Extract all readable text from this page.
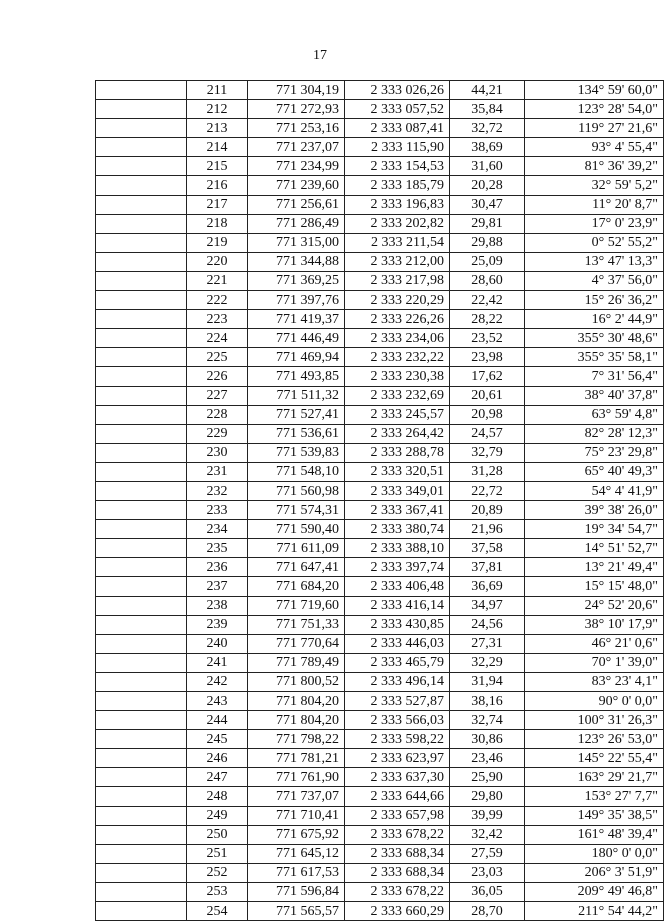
17
	211	771 304,19	2 333 026,26	44,21	134° 59' 60,0"
	212	771 272,93	2 333 057,52	35,84	123° 28' 54,0"
	213	771 253,16	2 333 087,41	32,72	119° 27' 21,6"
	214	771 237,07	2 333 115,90	38,69	93° 4' 55,4"
	215	771 234,99	2 333 154,53	31,60	81° 36' 39,2"
	216	771 239,60	2 333 185,79	20,28	32° 59' 5,2"
	217	771 256,61	2 333 196,83	30,47	11° 20' 8,7"
	218	771 286,49	2 333 202,82	29,81	17° 0' 23,9"
	219	771 315,00	2 333 211,54	29,88	0° 52' 55,2"
	220	771 344,88	2 333 212,00	25,09	13° 47' 13,3"
	221	771 369,25	2 333 217,98	28,60	4° 37' 56,0"
	222	771 397,76	2 333 220,29	22,42	15° 26' 36,2"
	223	771 419,37	2 333 226,26	28,22	16° 2' 44,9"
	224	771 446,49	2 333 234,06	23,52	355° 30' 48,6"
	225	771 469,94	2 333 232,22	23,98	355° 35' 58,1"
	226	771 493,85	2 333 230,38	17,62	7° 31' 56,4"
	227	771 511,32	2 333 232,69	20,61	38° 40' 37,8"
	228	771 527,41	2 333 245,57	20,98	63° 59' 4,8"
	229	771 536,61	2 333 264,42	24,57	82° 28' 12,3"
	230	771 539,83	2 333 288,78	32,79	75° 23' 29,8"
	231	771 548,10	2 333 320,51	31,28	65° 40' 49,3"
	232	771 560,98	2 333 349,01	22,72	54° 4' 41,9"
	233	771 574,31	2 333 367,41	20,89	39° 38' 26,0"
	234	771 590,40	2 333 380,74	21,96	19° 34' 54,7"
	235	771 611,09	2 333 388,10	37,58	14° 51' 52,7"
	236	771 647,41	2 333 397,74	37,81	13° 21' 49,4"
	237	771 684,20	2 333 406,48	36,69	15° 15' 48,0"
	238	771 719,60	2 333 416,14	34,97	24° 52' 20,6"
	239	771 751,33	2 333 430,85	24,56	38° 10' 17,9"
	240	771 770,64	2 333 446,03	27,31	46° 21' 0,6"
	241	771 789,49	2 333 465,79	32,29	70° 1' 39,0"
	242	771 800,52	2 333 496,14	31,94	83° 23' 4,1"
	243	771 804,20	2 333 527,87	38,16	90° 0' 0,0"
	244	771 804,20	2 333 566,03	32,74	100° 31' 26,3"
	245	771 798,22	2 333 598,22	30,86	123° 26' 53,0"
	246	771 781,21	2 333 623,97	23,46	145° 22' 55,4"
	247	771 761,90	2 333 637,30	25,90	163° 29' 21,7"
	248	771 737,07	2 333 644,66	29,80	153° 27' 7,7"
	249	771 710,41	2 333 657,98	39,99	149° 35' 38,5"
	250	771 675,92	2 333 678,22	32,42	161° 48' 39,4"
	251	771 645,12	2 333 688,34	27,59	180° 0' 0,0"
	252	771 617,53	2 333 688,34	23,03	206° 3' 51,9"
	253	771 596,84	2 333 678,22	36,05	209° 49' 46,8"
	254	771 565,57	2 333 660,29	28,70	211° 54' 44,2"
